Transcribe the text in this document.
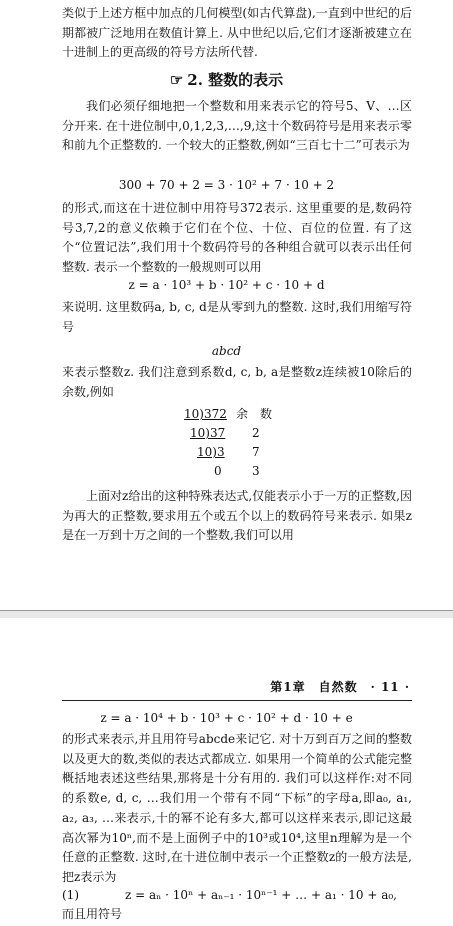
类似于上述方框中加点的几何模型(如古代算盘),一直到中世纪的后期都被广泛地用在数值计算上. 从中世纪以后,它们才逐渐被建立在十进制上的更高级的符号方法所代替.

☞ 2. 整数的表示

我们必须仔细地把一个整数和用来表示它的符号5、V、…区分开来. 在十进位制中,0,1,2,3,…,9,这十个数码符号是用来表示零和前九个正整数的. 一个较大的正整数,例如“三百七十二”可表示为

300 + 70 + 2 = 3 · 10² + 7 · 10 + 2

的形式,而这在十进位制中用符号372表示. 这里重要的是,数码符号3,7,2的意义依赖于它们在个位、十位、百位的位置. 有了这个“位置记法”,我们用十个数码符号的各种组合就可以表示出任何整数. 表示一个整数的一般规则可以用

z = a · 10³ + b · 10² + c · 10 + d

来说明. 这里数码a, b, c, d是从零到九的整数. 这时,我们用缩写符号

abcd

来表示整数z. 我们注意到系数d, c, b, a是整数z连续被10除后的余数,例如

10)372 余　数
10)37 2
10)3 7
0	3

上面对z给出的这种特殊表达式,仅能表示小于一万的正整数,因为再大的正整数,要求用五个或五个以上的数码符号来表示. 如果z是在一万到十万之间的一个整数,我们可以用

第1章　自然数　· 11 ·
z = a · 10⁴ + b · 10³ + c · 10² + d · 10 + e

的形式来表示,并且用符号abcde来记它. 对十万到百万之间的整数以及更大的数,类似的表达式都成立. 如果用一个简单的公式能完整概括地表述这些结果,那将是十分有用的. 我们可以这样作:对不同的系数e, d, c, …我们用一个带有不同“下标”的字母a,即a₀, a₁, a₂, a₃, …来表示,十的幂不论有多大,都可以这样来表示,即记这最高次幂为10ⁿ,而不是上面例子中的10³或10⁴,这里n理解为是一个任意的正整数. 这时,在十进位制中表示一个正整数z的一般方法是,把z表示为

(1)	z = aₙ · 10ⁿ + aₙ₋₁ · 10ⁿ⁻¹ + … + a₁ · 10 + a₀,

而且用符号
